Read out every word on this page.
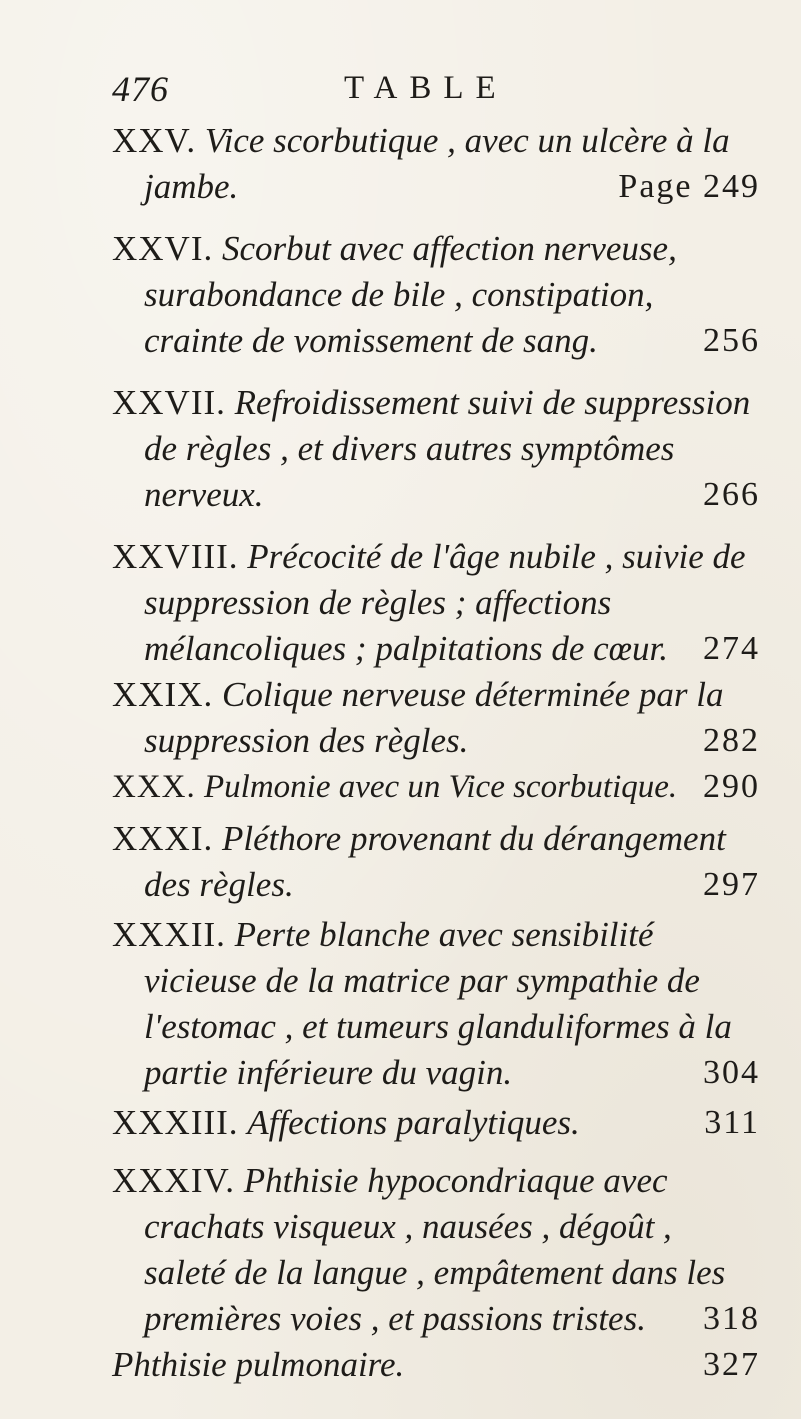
476	TABLE
XXV. Vice scorbutique , avec un ulcère à la jambe.	Page 249
XXVI. Scorbut avec affection nerveuse, surabondance de bile , constipation, crainte de vomissement de sang.	256
XXVII. Refroidissement suivi de suppression de règles , et divers autres symptômes nerveux.	266
XXVIII. Précocité de l'âge nubile , suivie de suppression de règles ; affections mélancoliques ; palpitations de cœur.	274
XXIX. Colique nerveuse déterminée par la suppression des règles.	282
XXX. Pulmonie avec un Vice scorbutique. 290
XXXI. Pléthore provenant du dérangement des règles.	297
XXXII. Perte blanche avec sensibilité vicieuse de la matrice par sympathie de l'estomac , et tumeurs glanduliformes à la partie inférieure du vagin.	304
XXXIII. Affections paralytiques.	311
XXXIV. Phthisie hypocondriaque avec crachats visqueux , nausées , dégoût , saleté de la langue , empâtement dans les premières voies , et passions tristes.	318
Phthisie pulmonaire.	327
